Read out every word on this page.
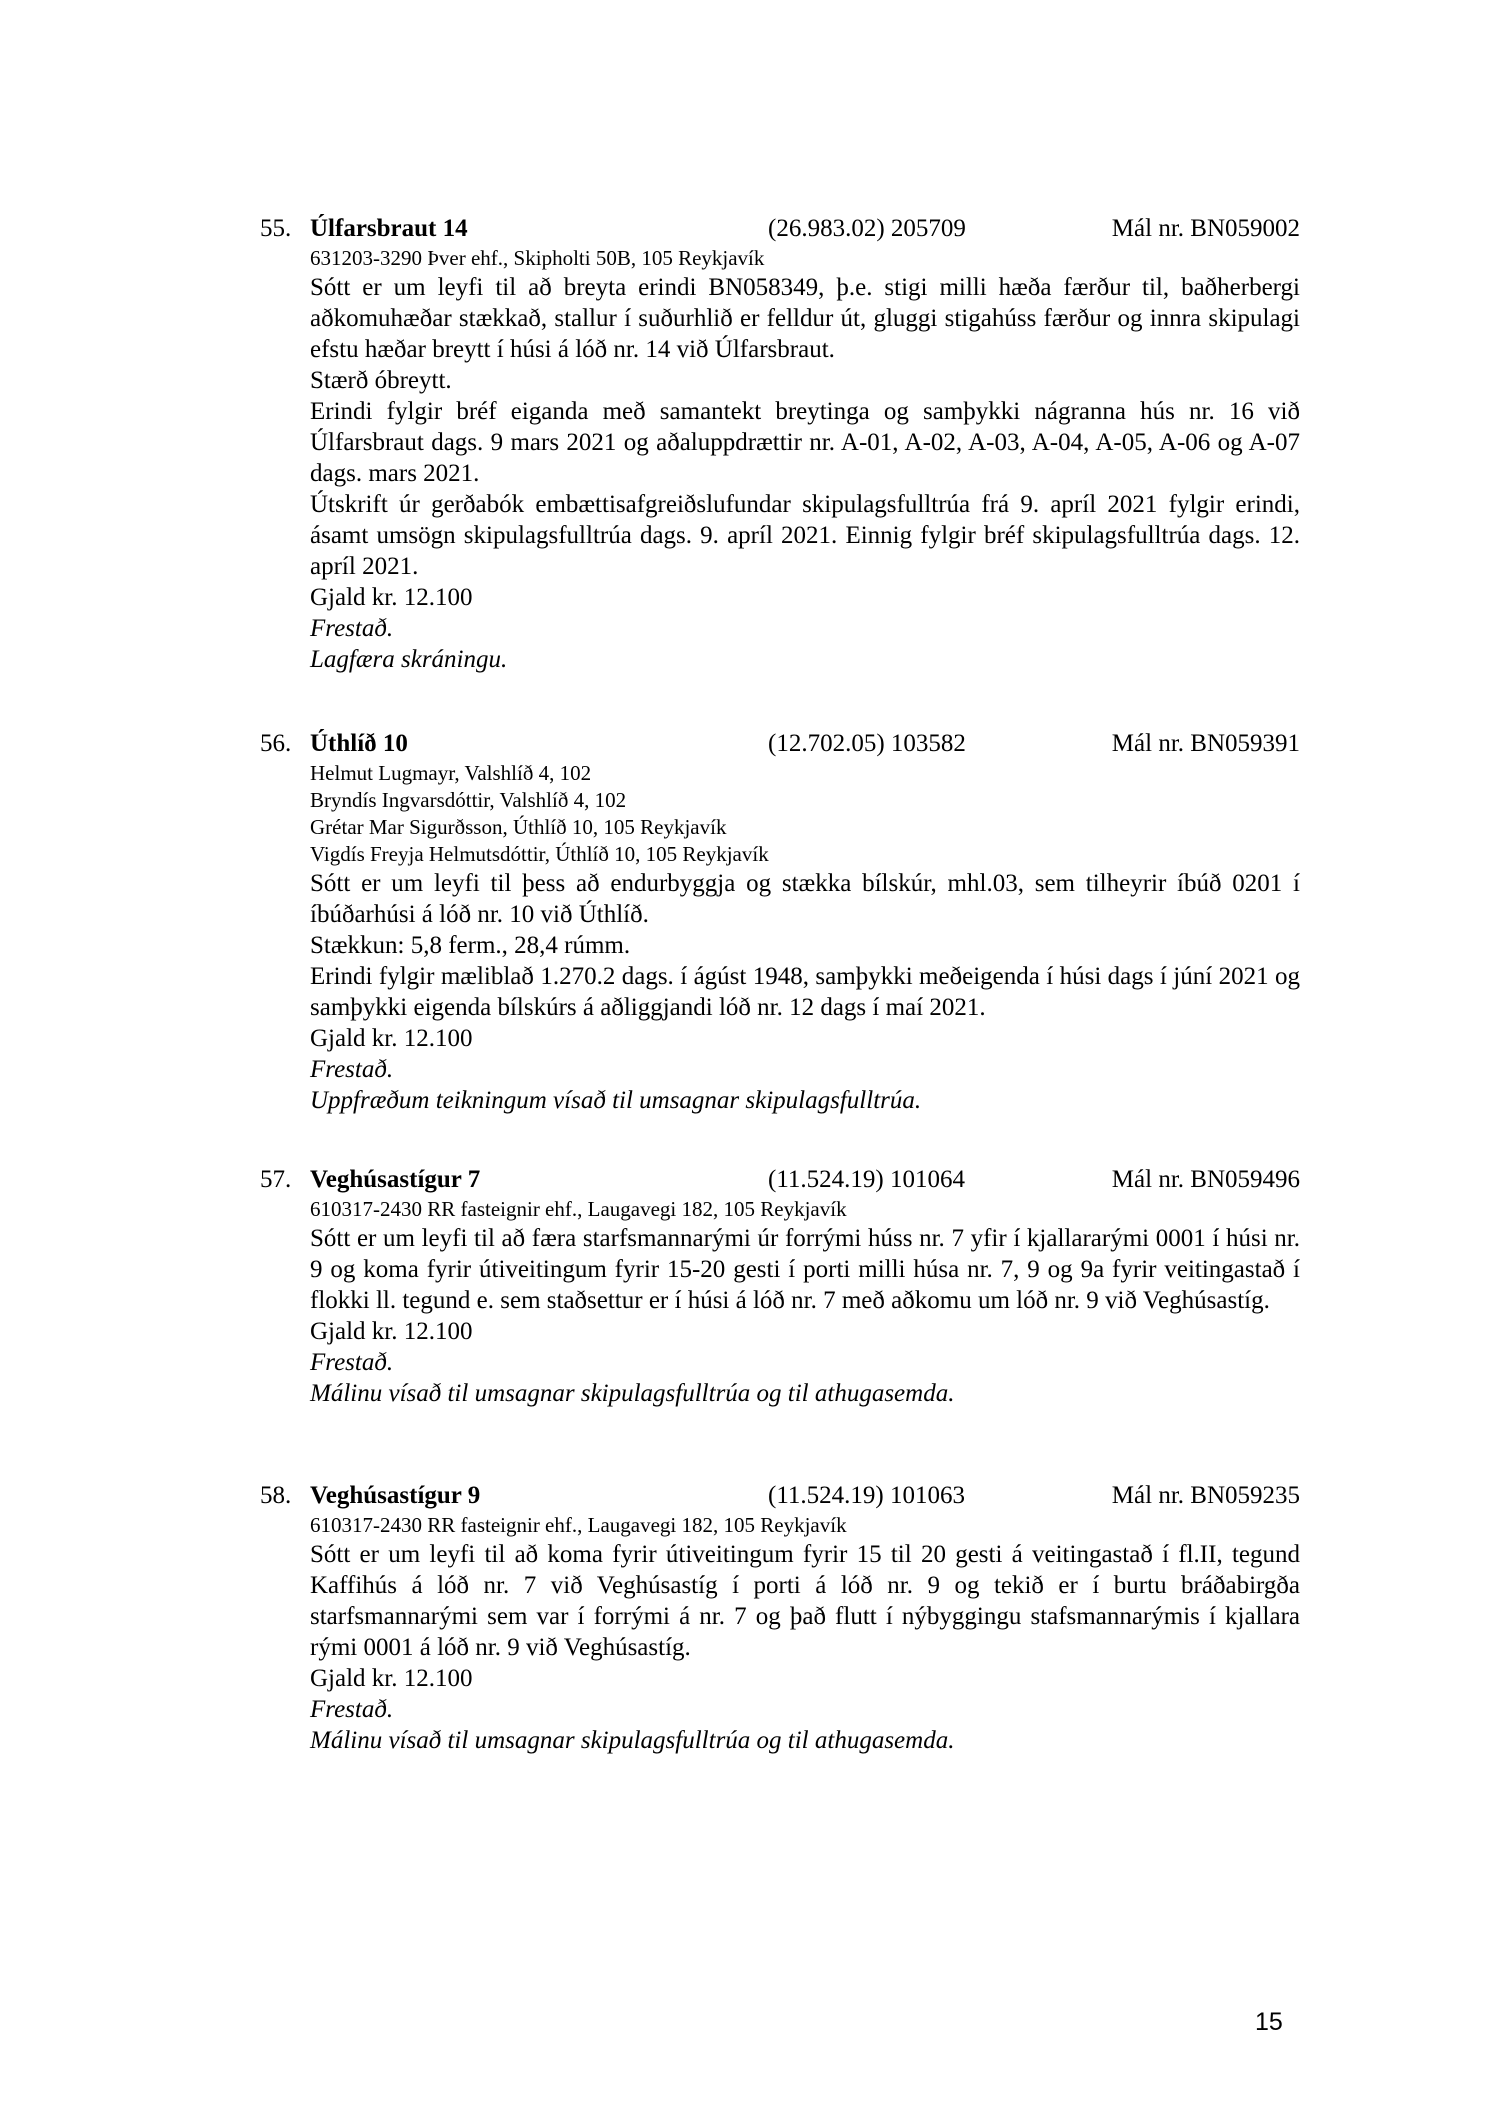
55. Úlfarsbraut 14	(26.983.02) 205709	Mál nr. BN059002
631203-3290 Þver ehf., Skipholti 50B, 105 Reykjavík
Sótt er um leyfi til að breyta erindi BN058349, þ.e. stigi milli hæða færður til, baðherbergi aðkomuhæðar stækkað, stallur í suðurhlið er felldur út, gluggi stigahúss færður og innra skipulagi efstu hæðar breytt í húsi á lóð nr. 14 við Úlfarsbraut.
Stærð óbreytt.
Erindi fylgir bréf eiganda með samantekt breytinga og samþykki nágranna hús nr. 16 við Úlfarsbraut dags. 9 mars 2021 og aðaluppdrættir nr. A-01, A-02, A-03, A-04, A-05, A-06 og A-07 dags. mars 2021.
Útskrift úr gerðabók embættisafgreiðslufundar skipulagsfulltrúa frá 9. apríl 2021 fylgir erindi, ásamt umsögn skipulagsfulltrúa dags. 9. apríl 2021. Einnig fylgir bréf skipulagsfulltrúa dags. 12. apríl 2021.
Gjald kr. 12.100
Frestað.
Lagfæra skráningu.
56. Úthlíð 10	(12.702.05) 103582	Mál nr. BN059391
Helmut Lugmayr, Valshlíð 4, 102
Bryndís Ingvarsdóttir, Valshlíð 4, 102
Grétar Mar Sigurðsson, Úthlíð 10, 105 Reykjavík
Vigdís Freyja Helmutsdóttir, Úthlíð 10, 105 Reykjavík
Sótt er um leyfi til þess að endurbyggja og stækka bílskúr, mhl.03, sem tilheyrir íbúð 0201 í íbúðarhúsi á lóð nr. 10 við Úthlíð.
Stækkun: 5,8 ferm., 28,4 rúmm.
Erindi fylgir mæliblað 1.270.2 dags. í ágúst 1948, samþykki meðeigenda í húsi dags í júní 2021 og samþykki eigenda bílskúrs á aðliggjandi lóð nr. 12 dags í maí 2021.
Gjald kr. 12.100
Frestað.
Uppfræðum teikningum vísað til umsagnar skipulagsfulltrúa.
57. Veghúsastígur 7	(11.524.19) 101064	Mál nr. BN059496
610317-2430 RR fasteignir ehf., Laugavegi 182, 105 Reykjavík
Sótt er um leyfi til að færa starfsmannarými úr forrými húss nr. 7 yfir í kjallararými 0001 í húsi nr. 9 og koma fyrir útiveitingum fyrir 15-20 gesti í porti milli húsa nr. 7, 9 og 9a fyrir veitingastað í flokki ll. tegund e. sem staðsettur er í húsi á lóð nr. 7 með aðkomu um lóð nr. 9 við Veghúsastíg.
Gjald kr. 12.100
Frestað.
Málinu vísað til umsagnar skipulagsfulltrúa og til athugasemda.
58. Veghúsastígur 9	(11.524.19) 101063	Mál nr. BN059235
610317-2430 RR fasteignir ehf., Laugavegi 182, 105 Reykjavík
Sótt er um leyfi til að koma fyrir útiveitingum fyrir 15 til 20 gesti á veitingastað í fl.II, tegund Kaffihús á lóð nr. 7 við Veghúsastíg í porti á lóð nr. 9 og tekið er í burtu bráðabirgða starfsmannarými sem var í forrými á nr. 7 og það flutt í nýbyggingu stafsmannarýmis í kjallara rými 0001 á lóð nr. 9 við Veghúsastíg.
Gjald kr. 12.100
Frestað.
Málinu vísað til umsagnar skipulagsfulltrúa og til athugasemda.
15
